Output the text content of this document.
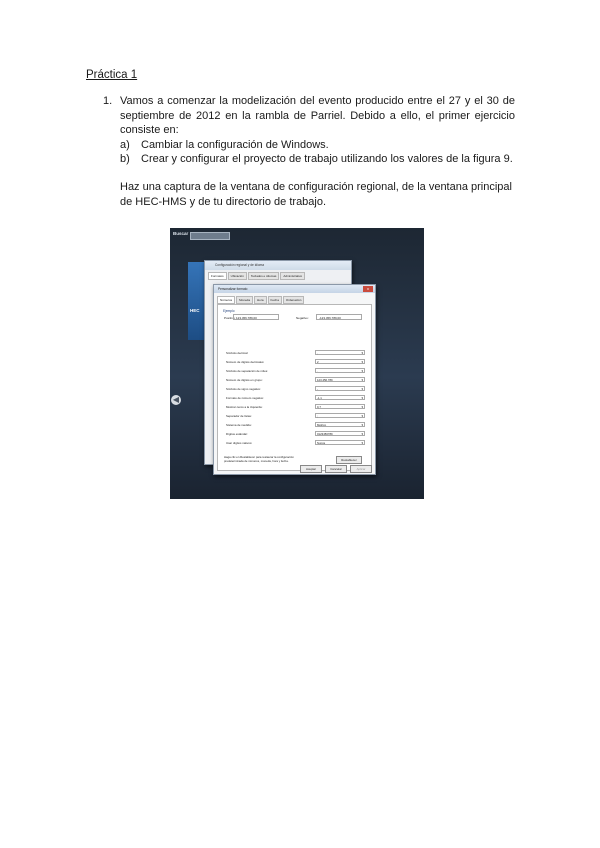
Práctica 1
1. Vamos a comenzar la modelización del evento producido entre el 27 y el 30 de septiembre de 2012 en la rambla de Parriel. Debido a ello, el primer ejercicio consiste en:
a)	Cambiar la configuración de Windows.
b)	Crear y configurar el proyecto de trabajo utilizando los valores de la figura 9.
Haz una captura de la ventana de configuración regional, de la ventana principal de HEC-HMS y de tu directorio de trabajo.
Buscar
HEC
◀
Configuración regional y de idioma
Formatos	Ubicación	Teclados e idiomas	Administrativo
Personalizar formato	x
Números	Moneda	Hora	Fecha	Ordenación
Ejemplo
Positivo: 123.456.789,00	Negativo:	-123.456.789,00
Símbolo decimal:	, ▾
Número de dígitos decimales:	2 ▾
Símbolo de separación de miles:	. ▾
Número de dígitos en grupo:	123.456.789 ▾
Símbolo de signo negativo:	- ▾
Formato de número negativo:	-1,1 ▾
Mostrar ceros a la izquierda:	0,7 ▾
Separador de listas:	; ▾
Sistema de medida:	Métrico ▾
Dígitos estándar:	0123456789 ▾
Usar dígitos nativos:	Nunca ▾
Haga clic en Restablecer para restaurar la configuración predeterminada de números, moneda, hora y fecha.	Restablecer
Aceptar	Cancelar	Aplicar
